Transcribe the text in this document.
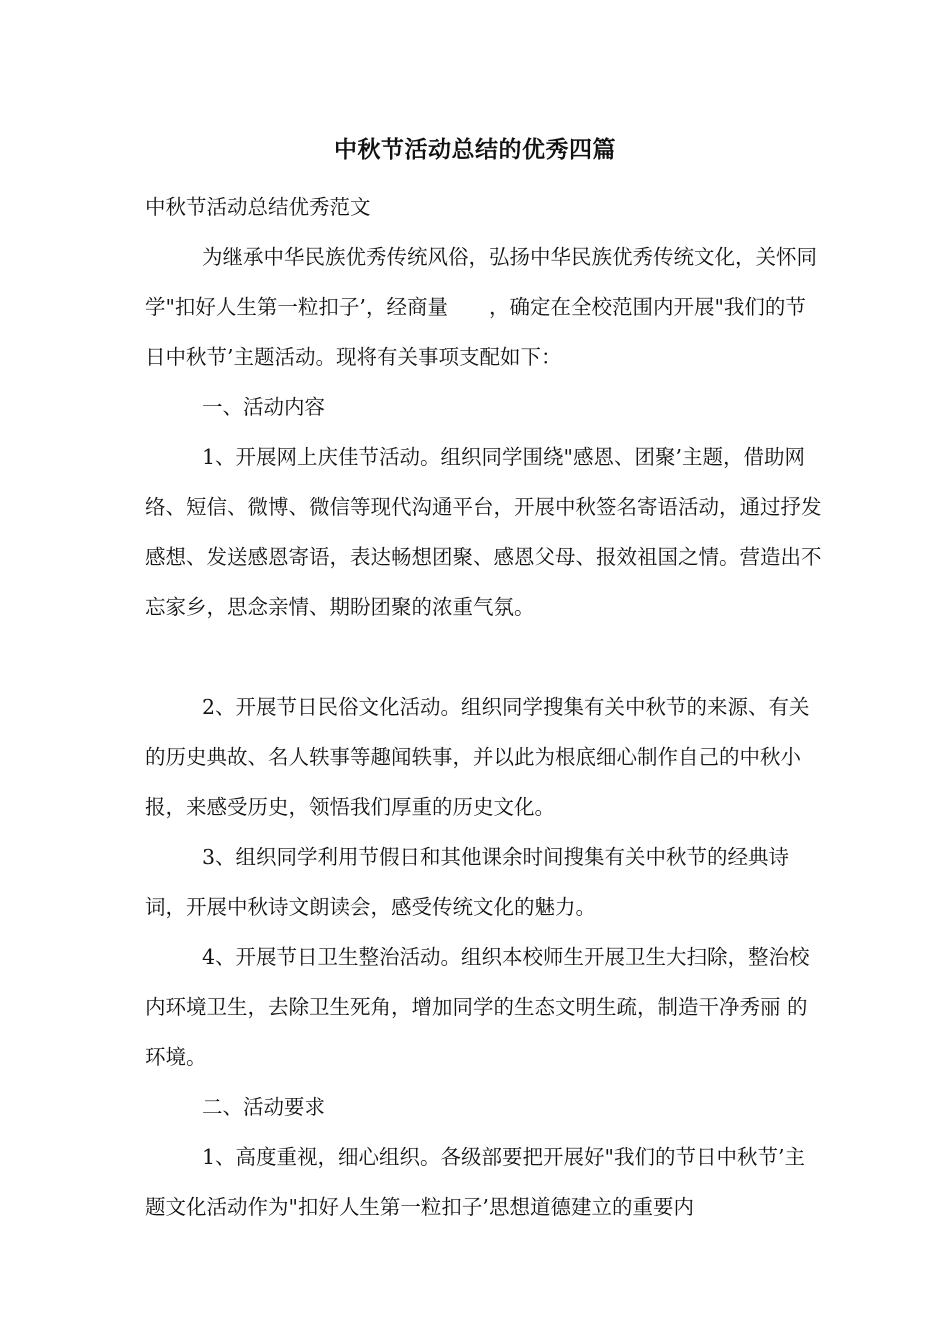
中秋节活动总结的优秀四篇

中秋节活动总结优秀范文

为继承中华民族优秀传统风俗，弘扬中华民族优秀传统文化，关怀同学"扣好人生第一粒扣子’，经商量　　，确定在全校范围内开展"我们的节日中秋节’主题活动。现将有关事项支配如下：

一、活动内容

1、开展网上庆佳节活动。组织同学围绕"感恩、团聚’主题，借助网络、短信、微博、微信等现代沟通平台，开展中秋签名寄语活动，通过抒发感想、发送感恩寄语，表达畅想团聚、感恩父母、报效祖国之情。营造出不忘家乡，思念亲情、期盼团聚的浓重气氛。

2、开展节日民俗文化活动。组织同学搜集有关中秋节的来源、有关的历史典故、名人轶事等趣闻轶事，并以此为根底细心制作自己的中秋小报，来感受历史，领悟我们厚重的历史文化。

3、组织同学利用节假日和其他课余时间搜集有关中秋节的经典诗词，开展中秋诗文朗读会，感受传统文化的魅力。

4、开展节日卫生整治活动。组织本校师生开展卫生大扫除，整治校内环境卫生，去除卫生死角，增加同学的生态文明生疏，制造干净秀丽 的环境。

二、活动要求

1、高度重视，细心组织。各级部要把开展好"我们的节日中秋节’主题文化活动作为"扣好人生第一粒扣子’思想道德建立的重要内
